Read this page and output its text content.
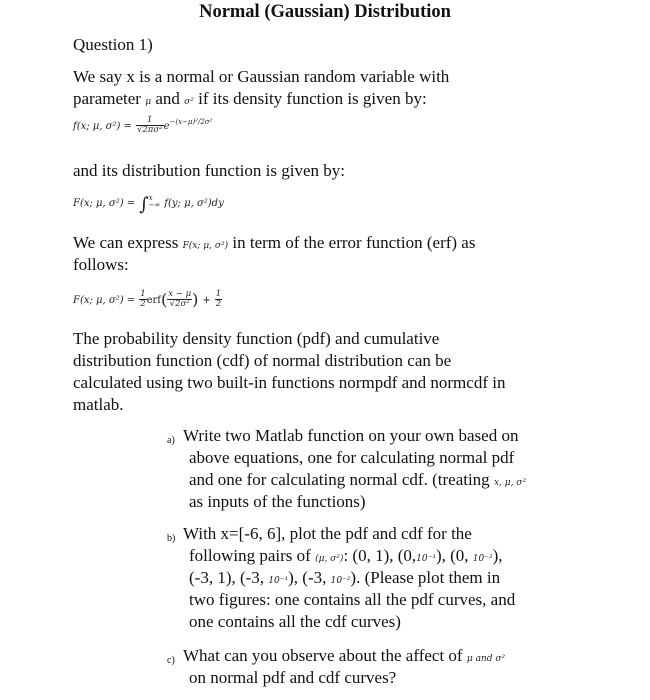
Normal (Gaussian) Distribution
Question 1)
We say x is a normal or Gaussian random variable with
parameter μ and σ² if its density function is given by:
f(x; μ, $\sigma^2) = \frac{1}{\text{√2πσ²}} e^{-(x-\mu)^2/2\sigma^2}$
and its distribution function is given by:
F(x; μ, σ²) = ∫ x
−∞ f(y; μ, σ²)dy
We can express F(x; μ, σ²) in term of the error function (erf) as
follows:
F(x; μ, $\sigma^2) = \frac{1}{2} erf( \frac{x - \mu}{\text{√2σ²}}$ ) + $\frac{1}{2}$
The probability density function (pdf) and cumulative
distribution function (cdf) of normal distribution can be
calculated using two built-in functions normpdf and normcdf in
matlab.
a) Write two Matlab function on your own based on
above equations, one for calculating normal pdf
and one for calculating normal cdf. (treating x, μ, σ²
as inputs of the functions)
b) With x=[-6, 6], plot the pdf and cdf for the
following pairs of (μ, σ²): (0, 1), (0,10⁻¹), (0, 10⁻²),
(-3, 1), (-3, 10⁻¹), (-3, 10⁻²). (Please plot them in
two figures: one contains all the pdf curves, and
one contains all the cdf curves)
c) What can you observe about the affect of μ and σ²
on normal pdf and cdf curves?
